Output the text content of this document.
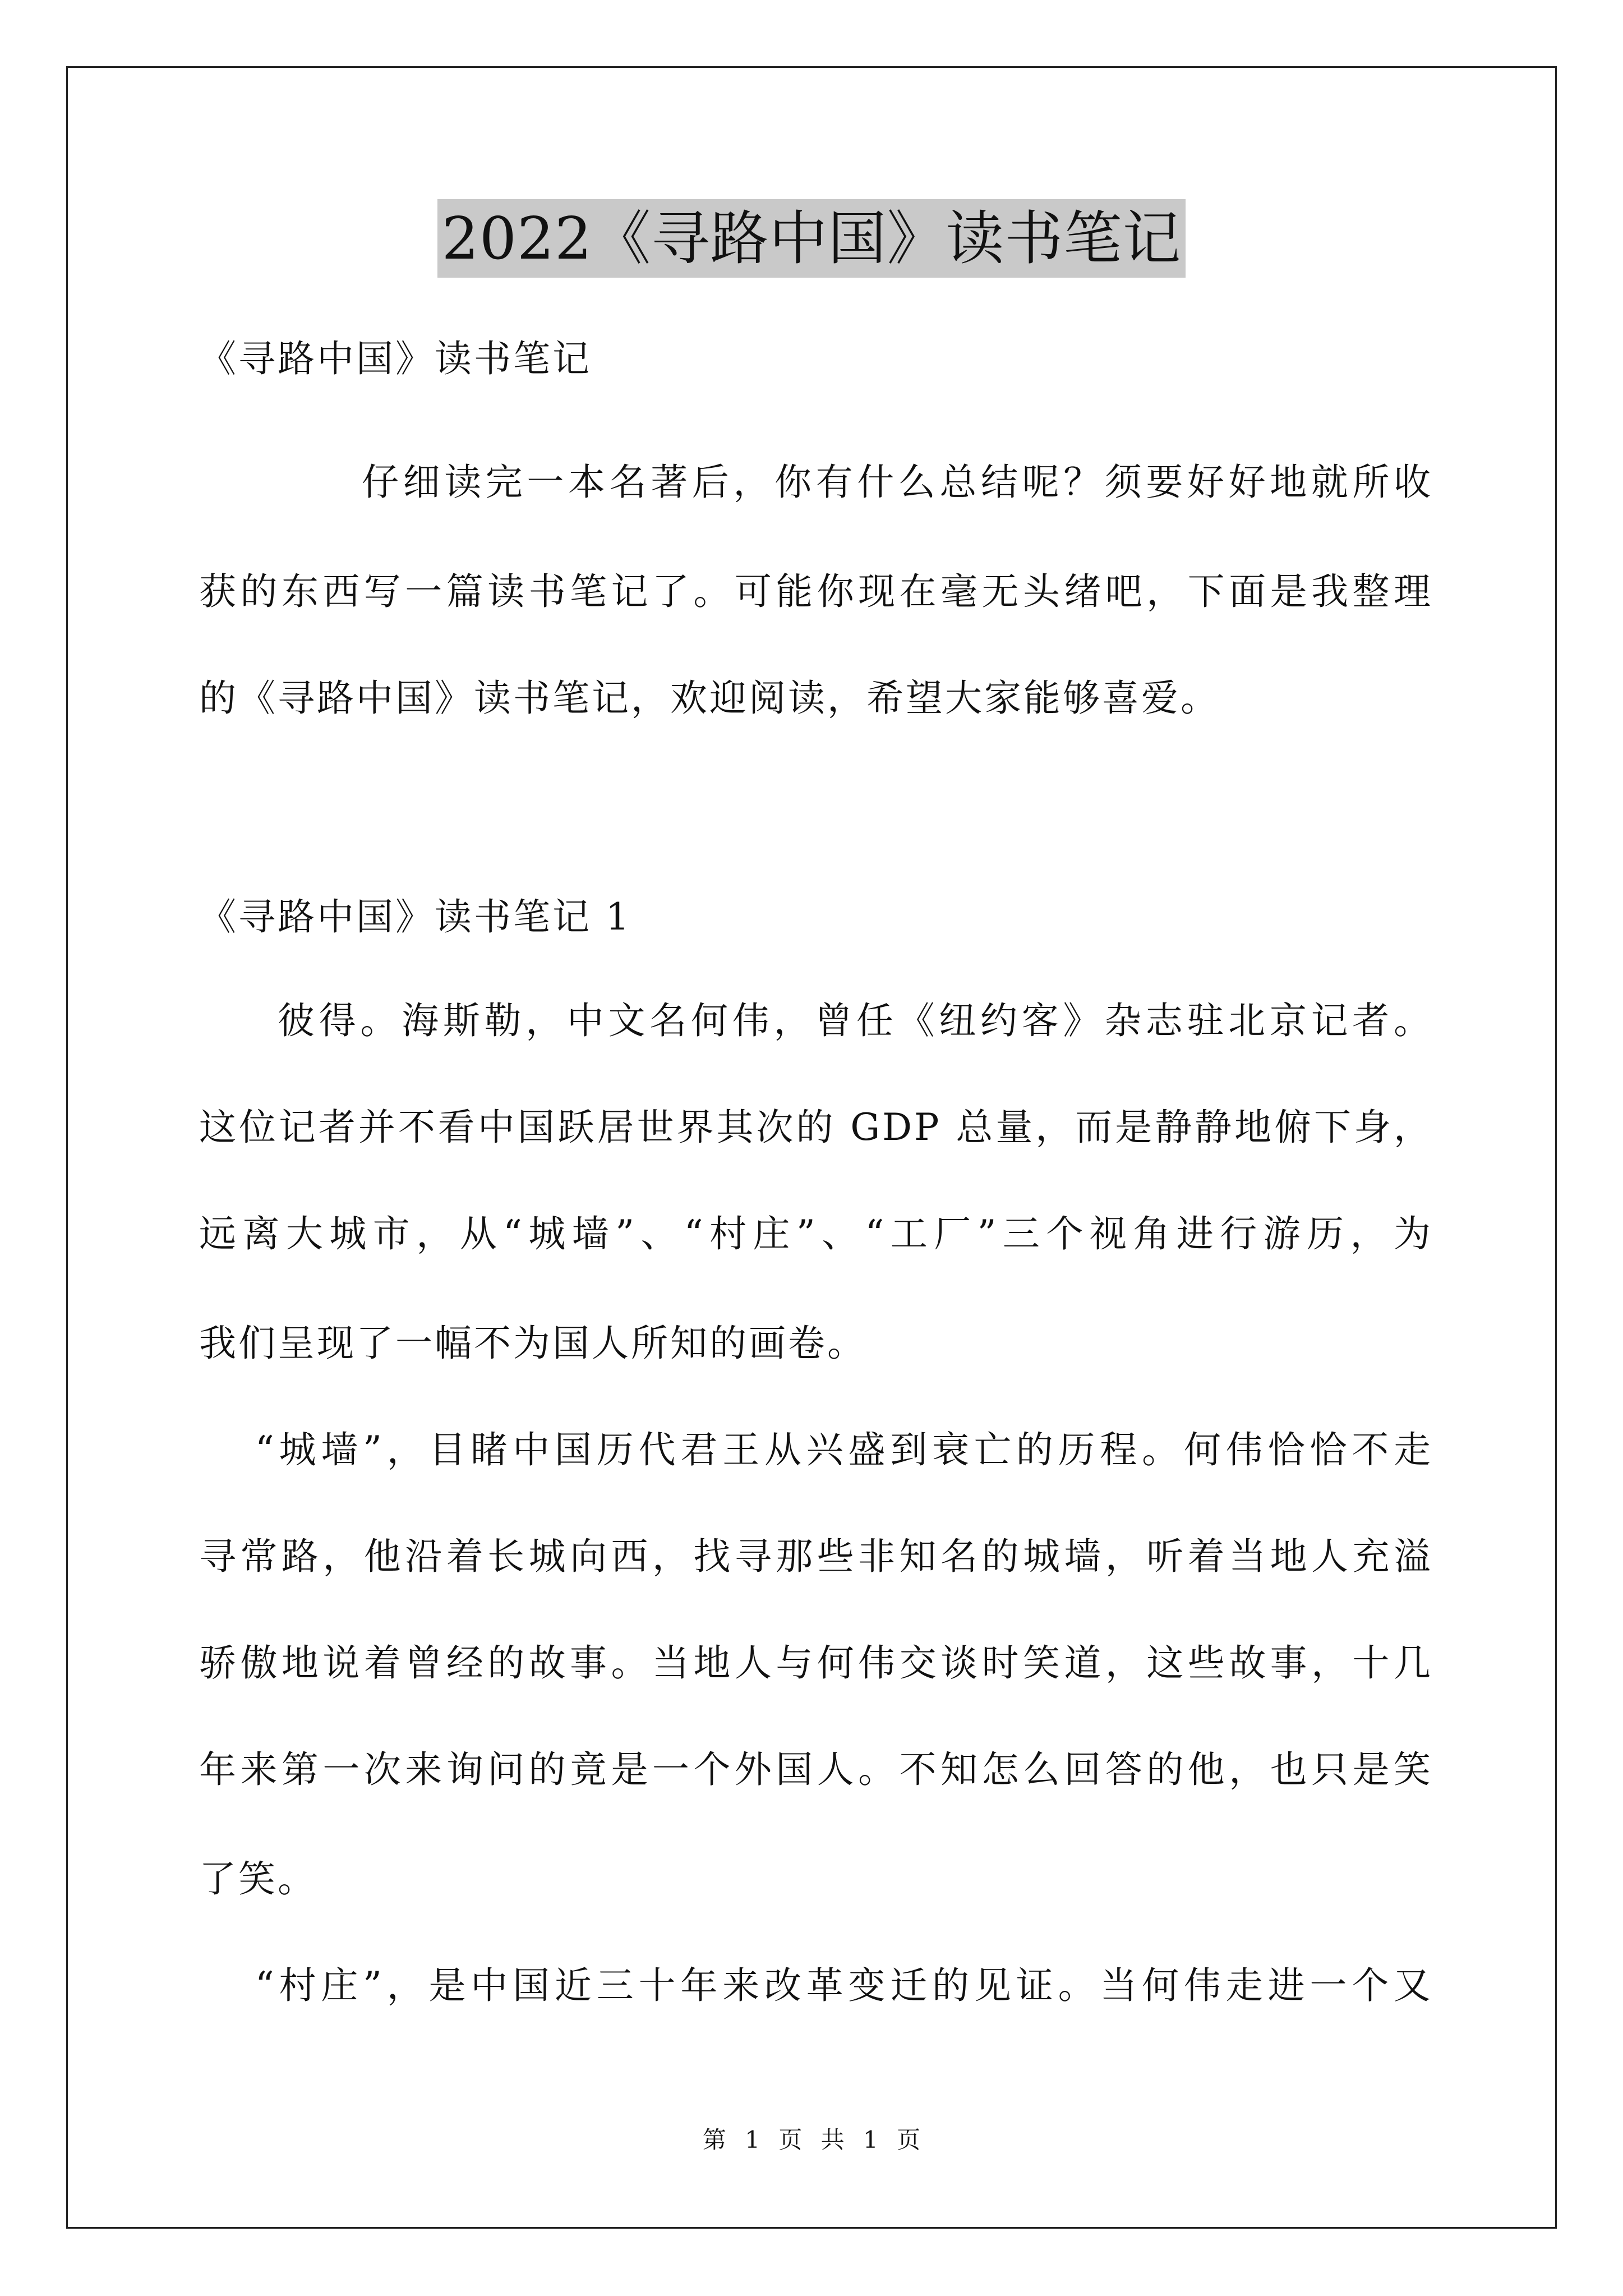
2022《寻路中国》读书笔记
《寻路中国》读书笔记
仔细读完一本名著后，你有什么总结呢？须要好好地就所收
获的东西写一篇读书笔记了。可能你现在毫无头绪吧，下面是我整理
的《寻路中国》读书笔记，欢迎阅读，希望大家能够喜爱。
《寻路中国》读书笔记 1
彼得。海斯勒，中文名何伟，曾任《纽约客》杂志驻北京记者。
这位记者并不看中国跃居世界其次的 GDP 总量，而是静静地俯下身，
远离大城市，从“城墙”、“村庄”、“工厂”三个视角进行游历，为
我们呈现了一幅不为国人所知的画卷。
“城墙”，目睹中国历代君王从兴盛到衰亡的历程。何伟恰恰不走
寻常路，他沿着长城向西，找寻那些非知名的城墙，听着当地人充溢
骄傲地说着曾经的故事。当地人与何伟交谈时笑道，这些故事，十几
年来第一次来询问的竟是一个外国人。不知怎么回答的他，也只是笑
了笑。
“村庄”，是中国近三十年来改革变迁的见证。当何伟走进一个又
第 1 页 共 1 页
